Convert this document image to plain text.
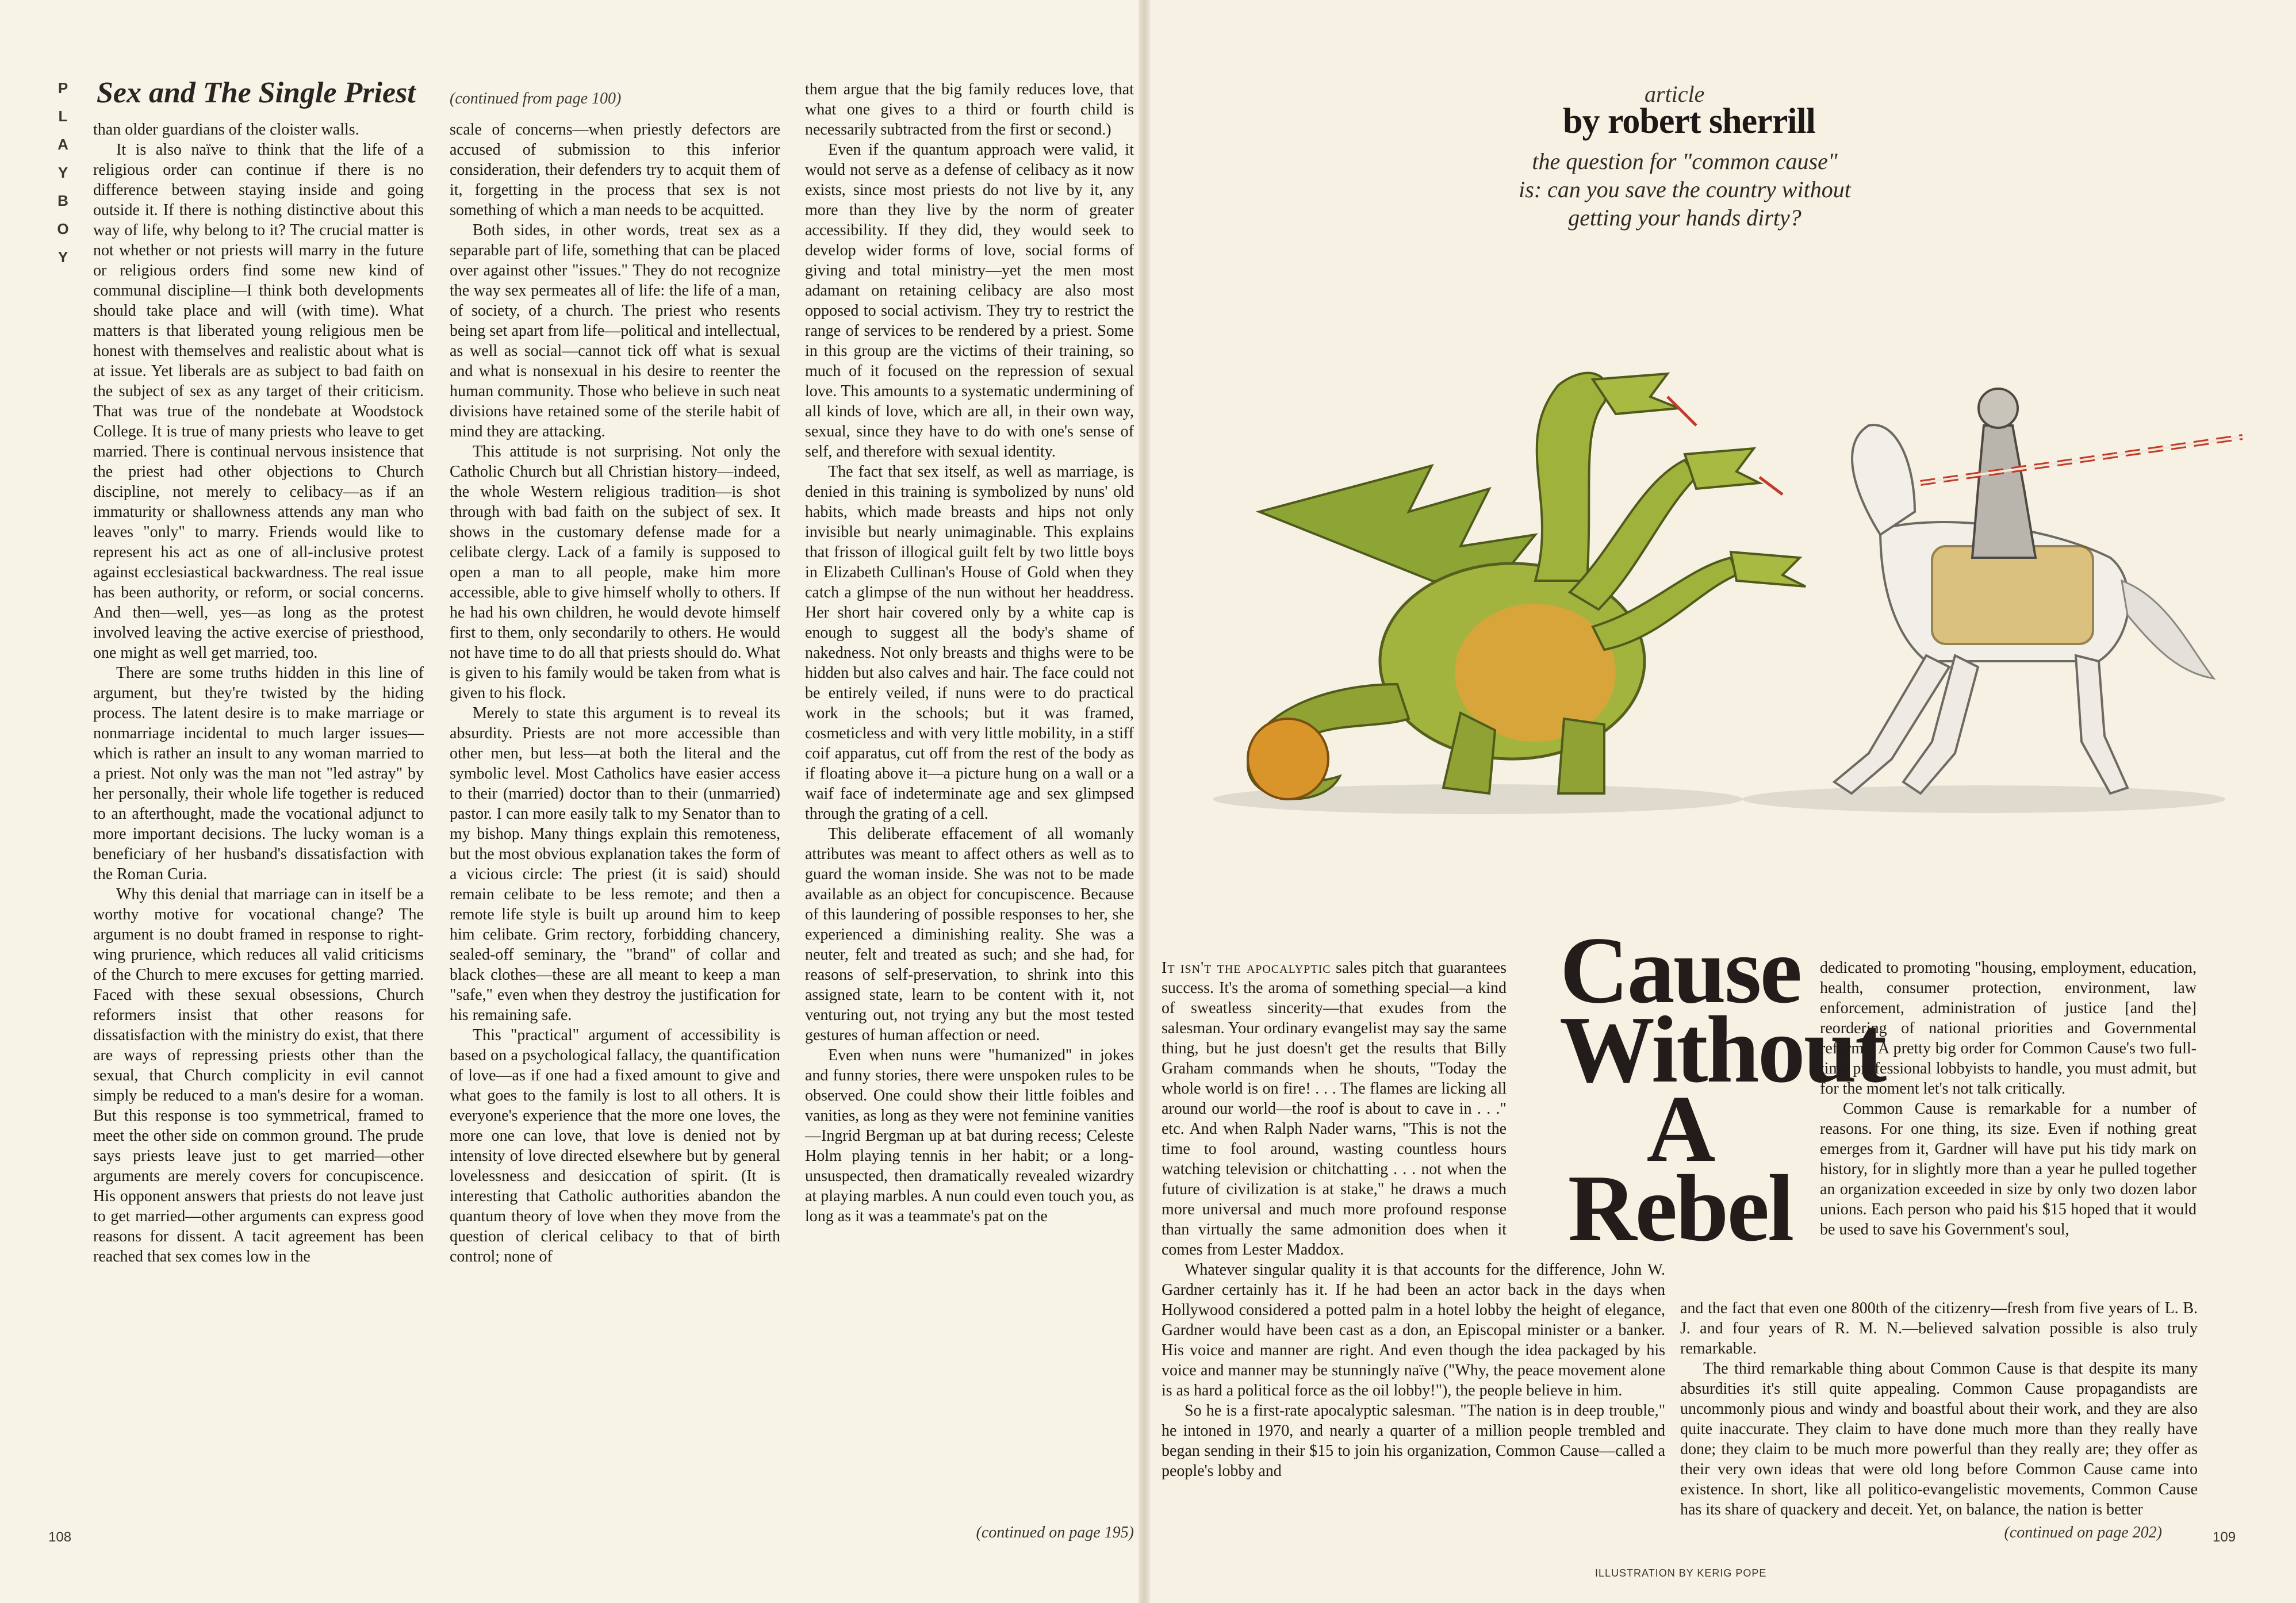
P
L
A
Y
B
O
Y
Sex and The Single Priest	(continued from page 100)

than older guardians of the cloister walls.

It is also naïve to think that the life of a religious order can continue if there is no difference between staying inside and going outside it. If there is nothing distinctive about this way of life, why belong to it? The crucial matter is not whether or not priests will marry in the future or religious orders find some new kind of communal discipline—I think both developments should take place and will (with time). What matters is that liberated young religious men be honest with themselves and realistic about what is at issue. Yet liberals are as subject to bad faith on the subject of sex as any target of their criticism. That was true of the nondebate at Woodstock College. It is true of many priests who leave to get married. There is continual nervous insistence that the priest had other objections to Church discipline, not merely to celibacy—as if an immaturity or shallowness attends any man who leaves "only" to marry. Friends would like to represent his act as one of all-inclusive protest against ecclesiastical backwardness. The real issue has been authority, or reform, or social concerns. And then—well, yes—as long as the protest involved leaving the active exercise of priesthood, one might as well get married, too.

There are some truths hidden in this line of argument, but they're twisted by the hiding process. The latent desire is to make marriage or nonmarriage incidental to much larger issues—which is rather an insult to any woman married to a priest. Not only was the man not "led astray" by her personally, their whole life together is reduced to an afterthought, made the vocational adjunct to more important decisions. The lucky woman is a beneficiary of her husband's dissatisfaction with the Roman Curia.

Why this denial that marriage can in itself be a worthy motive for vocational change? The argument is no doubt framed in response to right-wing prurience, which reduces all valid criticisms of the Church to mere excuses for getting married. Faced with these sexual obsessions, Church reformers insist that other reasons for dissatisfaction with the ministry do exist, that there are ways of repressing priests other than the sexual, that Church complicity in evil cannot simply be reduced to a man's desire for a woman. But this response is too symmetrical, framed to meet the other side on common ground. The prude says priests leave just to get married—other arguments are merely covers for concupiscence. His opponent answers that priests do not leave just to get married—other arguments can express good reasons for dissent. A tacit agreement has been reached that sex comes low in the

scale of concerns—when priestly defectors are accused of submission to this inferior consideration, their defenders try to acquit them of it, forgetting in the process that sex is not something of which a man needs to be acquitted.

Both sides, in other words, treat sex as a separable part of life, something that can be placed over against other "issues." They do not recognize the way sex permeates all of life: the life of a man, of society, of a church. The priest who resents being set apart from life—political and intellectual, as well as social—cannot tick off what is sexual and what is nonsexual in his desire to reenter the human community. Those who believe in such neat divisions have retained some of the sterile habit of mind they are attacking.

This attitude is not surprising. Not only the Catholic Church but all Christian history—indeed, the whole Western religious tradition—is shot through with bad faith on the subject of sex. It shows in the customary defense made for a celibate clergy. Lack of a family is supposed to open a man to all people, make him more accessible, able to give himself wholly to others. If he had his own children, he would devote himself first to them, only secondarily to others. He would not have time to do all that priests should do. What is given to his family would be taken from what is given to his flock.

Merely to state this argument is to reveal its absurdity. Priests are not more accessible than other men, but less—at both the literal and the symbolic level. Most Catholics have easier access to their (married) doctor than to their (unmarried) pastor. I can more easily talk to my Senator than to my bishop. Many things explain this remoteness, but the most obvious explanation takes the form of a vicious circle: The priest (it is said) should remain celibate to be less remote; and then a remote life style is built up around him to keep him celibate. Grim rectory, forbidding chancery, sealed-off seminary, the "brand" of collar and black clothes—these are all meant to keep a man "safe," even when they destroy the justification for his remaining safe.

This "practical" argument of accessibility is based on a psychological fallacy, the quantification of love—as if one had a fixed amount to give and what goes to the family is lost to all others. It is everyone's experience that the more one loves, the more one can love, that love is denied not by intensity of love directed elsewhere but by general lovelessness and desiccation of spirit. (It is interesting that Catholic authorities abandon the quantum theory of love when they move from the question of clerical celibacy to that of birth control; none of

them argue that the big family reduces love, that what one gives to a third or fourth child is necessarily subtracted from the first or second.)

Even if the quantum approach were valid, it would not serve as a defense of celibacy as it now exists, since most priests do not live by it, any more than they live by the norm of greater accessibility. If they did, they would seek to develop wider forms of love, social forms of giving and total ministry—yet the men most adamant on retaining celibacy are also most opposed to social activism. They try to restrict the range of services to be rendered by a priest. Some in this group are the victims of their training, so much of it focused on the repression of sexual love. This amounts to a systematic undermining of all kinds of love, which are all, in their own way, sexual, since they have to do with one's sense of self, and therefore with sexual identity.

The fact that sex itself, as well as marriage, is denied in this training is symbolized by nuns' old habits, which made breasts and hips not only invisible but nearly unimaginable. This explains that frisson of illogical guilt felt by two little boys in Elizabeth Cullinan's House of Gold when they catch a glimpse of the nun without her headdress. Her short hair covered only by a white cap is enough to suggest all the body's shame of nakedness. Not only breasts and thighs were to be hidden but also calves and hair. The face could not be entirely veiled, if nuns were to do practical work in the schools; but it was framed, cosmeticless and with very little mobility, in a stiff coif apparatus, cut off from the rest of the body as if floating above it—a picture hung on a wall or a waif face of indeterminate age and sex glimpsed through the grating of a cell.

This deliberate effacement of all womanly attributes was meant to affect others as well as to guard the woman inside. She was not to be made available as an object for concupiscence. Because of this laundering of possible responses to her, she experienced a diminishing reality. She was a neuter, felt and treated as such; and she had, for reasons of self-preservation, to shrink into this assigned state, learn to be content with it, not venturing out, not trying any but the most tested gestures of human affection or need.

Even when nuns were "humanized" in jokes and funny stories, there were unspoken rules to be observed. One could show their little foibles and vanities, as long as they were not feminine vanities—Ingrid Bergman up at bat during recess; Celeste Holm playing tennis in her habit; or a long-unsuspected, then dramatically revealed wizardry at playing marbles. A nun could even touch you, as long as it was a teammate's pat on the

(continued on page 195)
108
article
by robert sherrill
the question for "common cause" is: can you save the country without getting your hands dirty?
Cause
Without
A
Rebel

It isn't the apocalyptic sales pitch that guarantees success. It's the aroma of something special—a kind of sweatless sincerity—that exudes from the salesman. Your ordinary evangelist may say the same thing, but he just doesn't get the results that Billy Graham commands when he shouts, "Today the whole world is on fire! . . . The flames are licking all around our world—the roof is about to cave in . . ." etc. And when Ralph Nader warns, "This is not the time to fool around, wasting countless hours watching television or chitchatting . . . not when the future of civilization is at stake," he draws a much more universal and much more profound response than virtually the same admonition does when it comes from Lester Maddox.

Whatever singular quality it is that accounts for the difference, John W. Gardner certainly has it. If he had been an actor back in the days when Hollywood considered a potted palm in a hotel lobby the height of elegance, Gardner would have been cast as a don, an Episcopal minister or a banker. His voice and manner are right. And even though the idea packaged by his voice and manner may be stunningly naïve ("Why, the peace movement alone is as hard a political force as the oil lobby!"), the people believe in him.

So he is a first-rate apocalyptic salesman. "The nation is in deep trouble," he intoned in 1970, and nearly a quarter of a million people trembled and began sending in their $15 to join his organization, Common Cause—called a people's lobby and

dedicated to promoting "housing, employment, education, health, consumer protection, environment, law enforcement, administration of justice [and the] reordering of national priorities and Governmental reform." A pretty big order for Common Cause's two full-time professional lobbyists to handle, you must admit, but for the moment let's not talk critically.

Common Cause is remarkable for a number of reasons. For one thing, its size. Even if nothing great emerges from it, Gardner will have put his tidy mark on history, for in slightly more than a year he pulled together an organization exceeded in size by only two dozen labor unions. Each person who paid his $15 hoped that it would be used to save his Government's soul,

and the fact that even one 800th of the citizenry—fresh from five years of L. B. J. and four years of R. M. N.—believed salvation possible is also truly remarkable.

The third remarkable thing about Common Cause is that despite its many absurdities it's still quite appealing. Common Cause propagandists are uncommonly pious and windy and boastful about their work, and they are also quite inaccurate. They claim to have done much more than they really have done; they claim to be much more powerful than they really are; they offer as their very own ideas that were old long before Common Cause came into existence. In short, like all politico-evangelistic movements, Common Cause has its share of quackery and deceit. Yet, on balance, the nation is better

(continued on page 202)	109
ILLUSTRATION BY KERIG POPE
